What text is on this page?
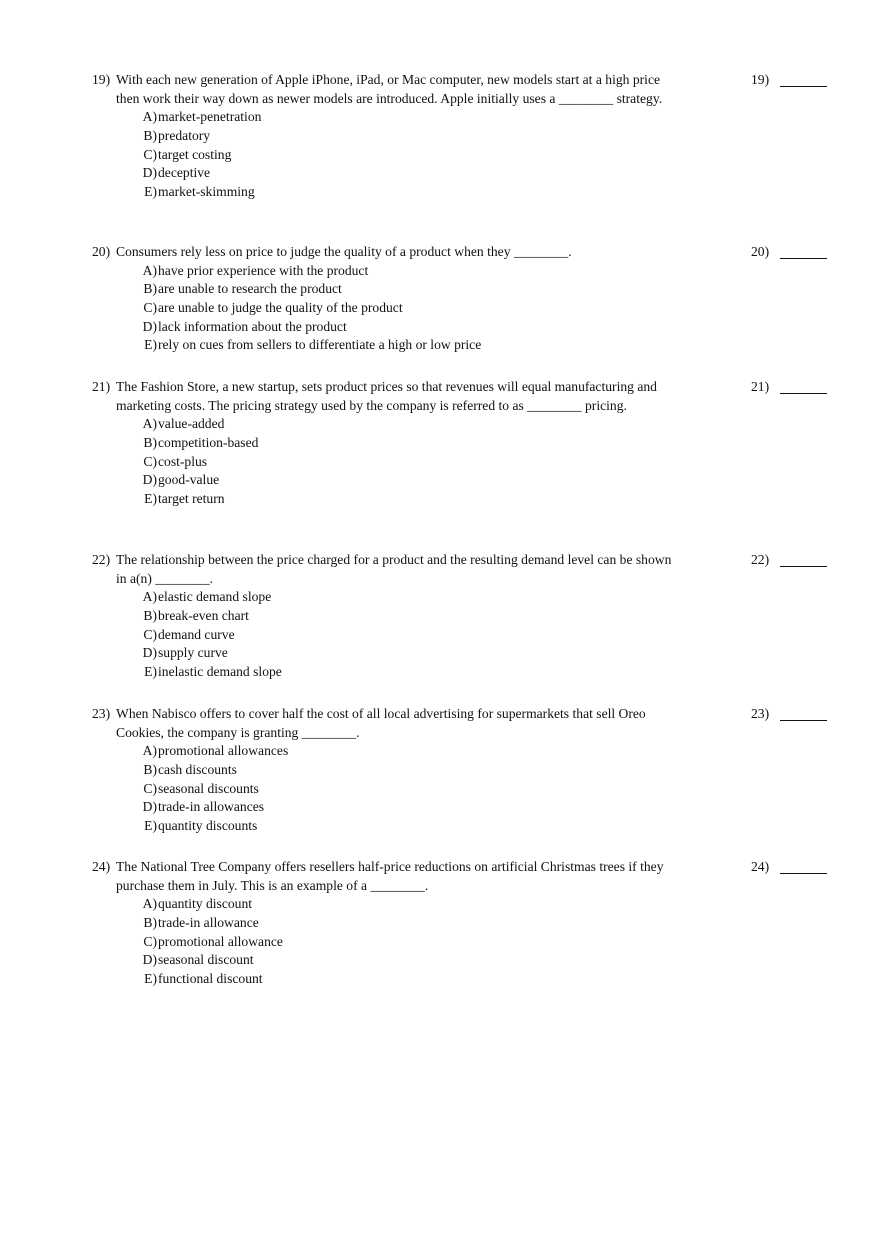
19) With each new generation of Apple iPhone, iPad, or Mac computer, new models start at a high price then work their way down as newer models are introduced. Apple initially uses a ________ strategy.
A) market-penetration
B) predatory
C) target costing
D) deceptive
E) market-skimming
19)
20) Consumers rely less on price to judge the quality of a product when they ________.
A) have prior experience with the product
B) are unable to research the product
C) are unable to judge the quality of the product
D) lack information about the product
E) rely on cues from sellers to differentiate a high or low price
20)
21) The Fashion Store, a new startup, sets product prices so that revenues will equal manufacturing and marketing costs. The pricing strategy used by the company is referred to as ________ pricing.
A) value-added
B) competition-based
C) cost-plus
D) good-value
E) target return
21)
22) The relationship between the price charged for a product and the resulting demand level can be shown in a(n) ________.
A) elastic demand slope
B) break-even chart
C) demand curve
D) supply curve
E) inelastic demand slope
22)
23) When Nabisco offers to cover half the cost of all local advertising for supermarkets that sell Oreo Cookies, the company is granting ________.
A) promotional allowances
B) cash discounts
C) seasonal discounts
D) trade-in allowances
E) quantity discounts
23)
24) The National Tree Company offers resellers half-price reductions on artificial Christmas trees if they purchase them in July. This is an example of a ________.
A) quantity discount
B) trade-in allowance
C) promotional allowance
D) seasonal discount
E) functional discount
24)
